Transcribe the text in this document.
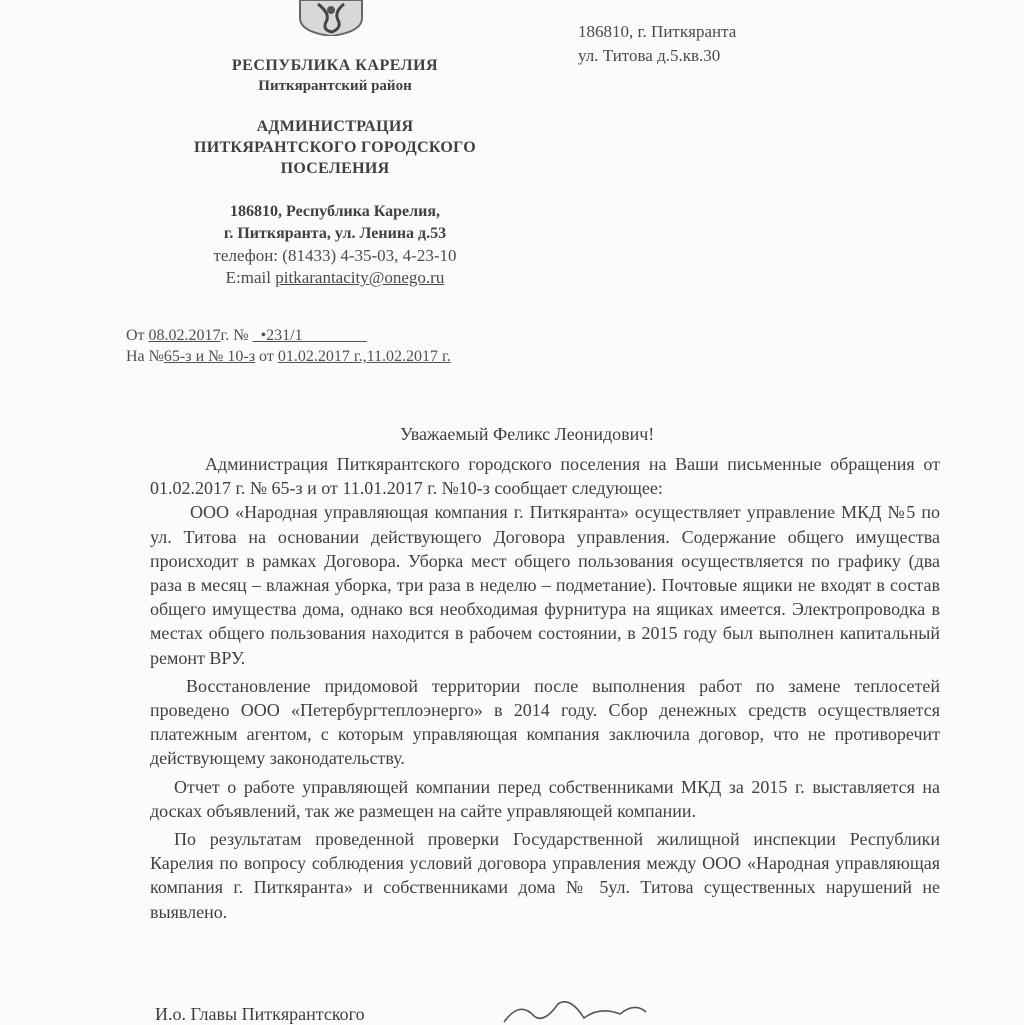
186810, г. Питкяранта
ул. Титова д.5.кв.30
РЕСПУБЛИКА КАРЕЛИЯ
Питкярантский район
АДМИНИСТРАЦИЯ
ПИТКЯРАНТСКОГО ГОРОДСКОГО
ПОСЕЛЕНИЯ
186810, Республика Карелия,
г. Питкяранта, ул. Ленина д.53
телефон: (81433) 4-35-03, 4-23-10
E:mail pitkarantacity@onego.ru
От 08.02.2017г. № _•231/1________
На №65-з и № 10-з от 01.02.2017 г.,11.02.2017 г.
Уважаемый Феликс Леонидович!

Администрация Питкярантского городского поселения на Ваши письменные обращения от 01.02.2017 г. № 65-з и от 11.01.2017 г. №10-з сообщает следующее:

ООО «Народная управляющая компания г. Питкяранта» осуществляет управление МКД №5 по ул. Титова на основании действующего Договора управления. Содержание общего имущества происходит в рамках Договора. Уборка мест общего пользования осуществляется по графику (два раза в месяц – влажная уборка, три раза в неделю – подметание). Почтовые ящики не входят в состав общего имущества дома, однако вся необходимая фурнитура на ящиках имеется. Электропроводка в местах общего пользования находится в рабочем состоянии, в 2015 году был выполнен капитальный ремонт ВРУ.

Восстановление придомовой территории после выполнения работ по замене теплосетей проведено ООО «Петербургтеплоэнерго» в 2014 году. Сбор денежных средств осуществляется платежным агентом, с которым управляющая компания заключила договор, что не противоречит действующему законодательству.

Отчет о работе управляющей компании перед собственниками МКД за 2015 г. выставляется на досках объявлений, так же размещен на сайте управляющей компании.

По результатам проведенной проверки Государственной жилищной инспекции Республики Карелия по вопросу соблюдения условий договора управления между ООО «Народная управляющая компания г. Питкяранта» и собственниками дома № 5ул. Титова существенных нарушений не выявлено.

И.о. Главы Питкярантского
